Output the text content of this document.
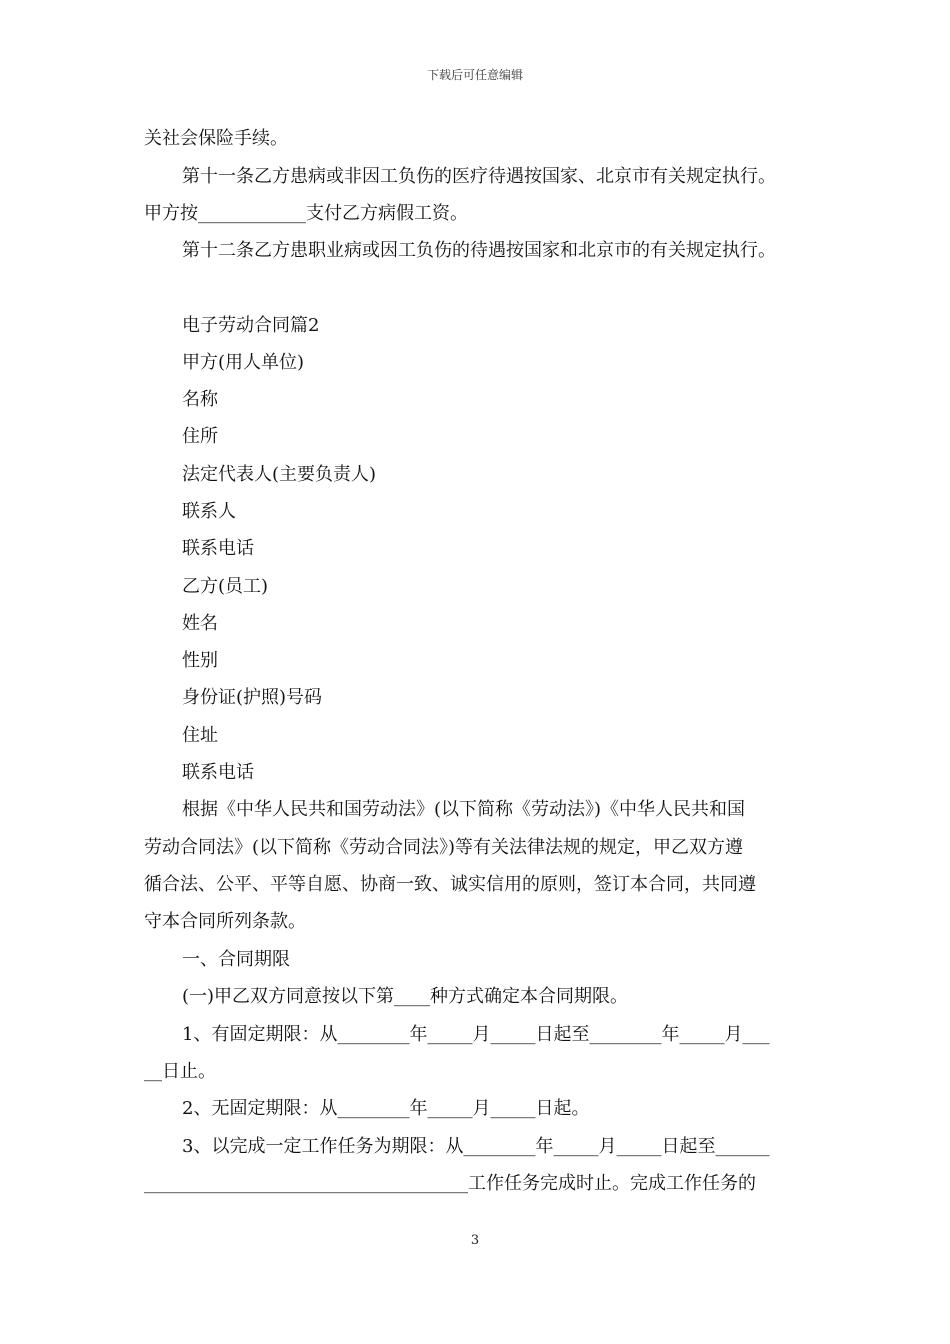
下载后可任意编辑
关社会保险手续。
第十一条乙方患病或非因工负伤的医疗待遇按国家、北京市有关规定执行。
甲方按____________支付乙方病假工资。
第十二条乙方患职业病或因工负伤的待遇按国家和北京市的有关规定执行。
电子劳动合同篇2
甲方(用人单位)
名称
住所
法定代表人(主要负责人)
联系人
联系电话
乙方(员工)
姓名
性别
身份证(护照)号码
住址
联系电话
根据《中华人民共和国劳动法》(以下简称《劳动法》)《中华人民共和国
劳动合同法》(以下简称《劳动合同法》)等有关法律法规的规定，甲乙双方遵
循合法、公平、平等自愿、协商一致、诚实信用的原则，签订本合同，共同遵
守本合同所列条款。
一、合同期限
(一)甲乙双方同意按以下第____种方式确定本合同期限。
1、有固定期限：从________年_____月_____日起至________年_____月___
__日止。
2、无固定期限：从________年_____月_____日起。
3、以完成一定工作任务为期限：从________年_____月_____日起至______
____________________________________工作任务完成时止。完成工作任务的
3
